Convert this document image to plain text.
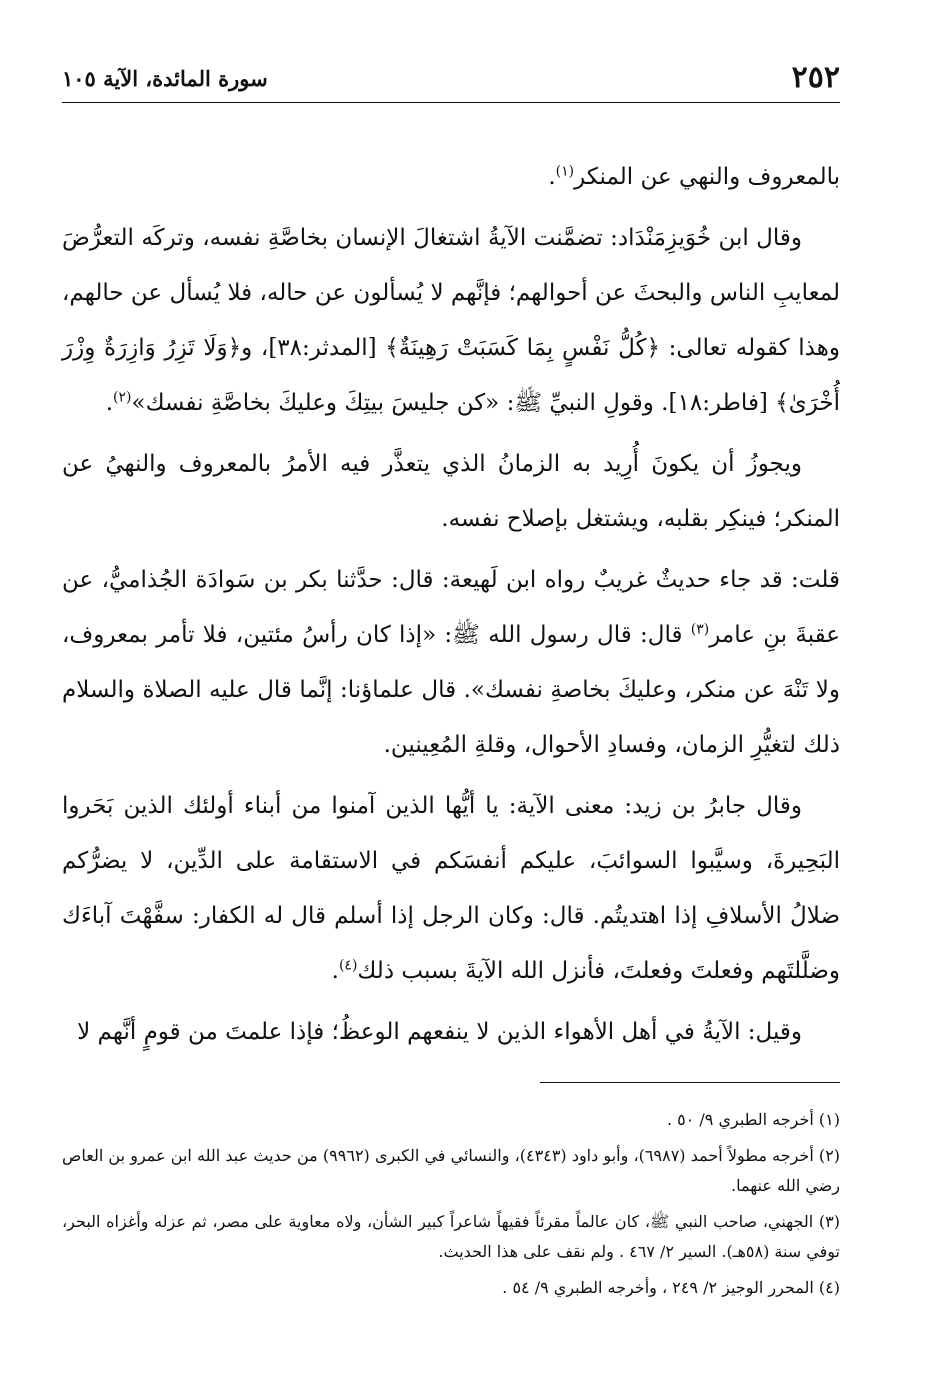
٢٥٢
سورة المائدة، الآية ١٠٥

بالمعروف والنهي عن المنكر$^{(١)}$.

وقال ابن خُوَيزِمَنْدَاد: تضمَّنت الآيةُ اشتغالَ الإنسان بخاصَّةِ نفسه، وتركَه التعرُّضَ لمعايبِ الناس والبحثَ عن أحوالهم؛ فإنَّهم لا يُسألون عن حاله، فلا يُسأل عن حالهم، وهذا كقوله تعالى: ﴿كُلُّ نَفْسٍ بِمَا كَسَبَتْ رَهِينَةٌ﴾ [المدثر:٣٨]، و﴿وَلَا تَزِرُ وَازِرَةٌ وِزْرَ أُخْرَىٰ﴾ [فاطر:١٨]. وقولِ النبيِّ ﷺ: «كن جليسَ بيتِكَ وعليكَ بخاصَّةِ نفسك»$^{(٢)}$.

ويجوزُ أن يكونَ أُرِيد به الزمانُ الذي يتعذَّر فيه الأمرُ بالمعروف والنهيُ عن المنكر؛ فينكِر بقلبه، ويشتغل بإصلاح نفسه.

قلت: قد جاء حديثٌ غريبٌ رواه ابن لَهيعة: قال: حدَّثنا بكر بن سَوادَة الجُذاميُّ، عن عقبةَ بنِ عامر$^{(٣)}$ قال: قال رسول الله ﷺ: «إذا كان رأسُ مئتين، فلا تأمر بمعروف، ولا تَنْهَ عن منكر، وعليكَ بخاصةِ نفسك». قال علماؤنا: إنَّما قال عليه الصلاة والسلام ذلك لتغيُّرِ الزمان، وفسادِ الأحوال، وقلةِ المُعِينين.

وقال جابرُ بن زيد: معنى الآية: يا أيُّها الذين آمنوا من أبناء أولئك الذين بَحَروا البَحِيرةَ، وسيَّبوا السوائبَ، عليكم أنفسَكم في الاستقامة على الدِّين، لا يضرُّكم ضلالُ الأسلافِ إذا اهتديتُم. قال: وكان الرجل إذا أسلم قال له الكفار: سفَّهْتَ آباءَك وضلَّلتَهم وفعلتَ وفعلتَ، فأنزل الله الآيةَ بسبب ذلك$^{(٤)}$.

وقيل: الآيةُ في أهل الأهواء الذين لا ينفعهم الوعظُ؛ فإذا علمتَ من قومٍ أنَّهم لا

(١) أخرجه الطبري ٩/ ٥٠ .

(٢) أخرجه مطولاً أحمد (٦٩٨٧)، وأبو داود (٤٣٤٣)، والنسائي في الكبرى (٩٩٦٢) من حديث عبد الله ابن عمرو بن العاص رضي الله عنهما.

(٣) الجهني، صاحب النبي ﷺ، كان عالماً مقرئاً فقيهاً شاعراً كبير الشأن، ولاه معاوية على مصر، ثم عزله وأغزاه البحر، توفي سنة (٥٨هـ). السير ٢/ ٤٦٧ . ولم نقف على هذا الحديث.

(٤) المحرر الوجيز ٢/ ٢٤٩ ، وأخرجه الطبري ٩/ ٥٤ .
